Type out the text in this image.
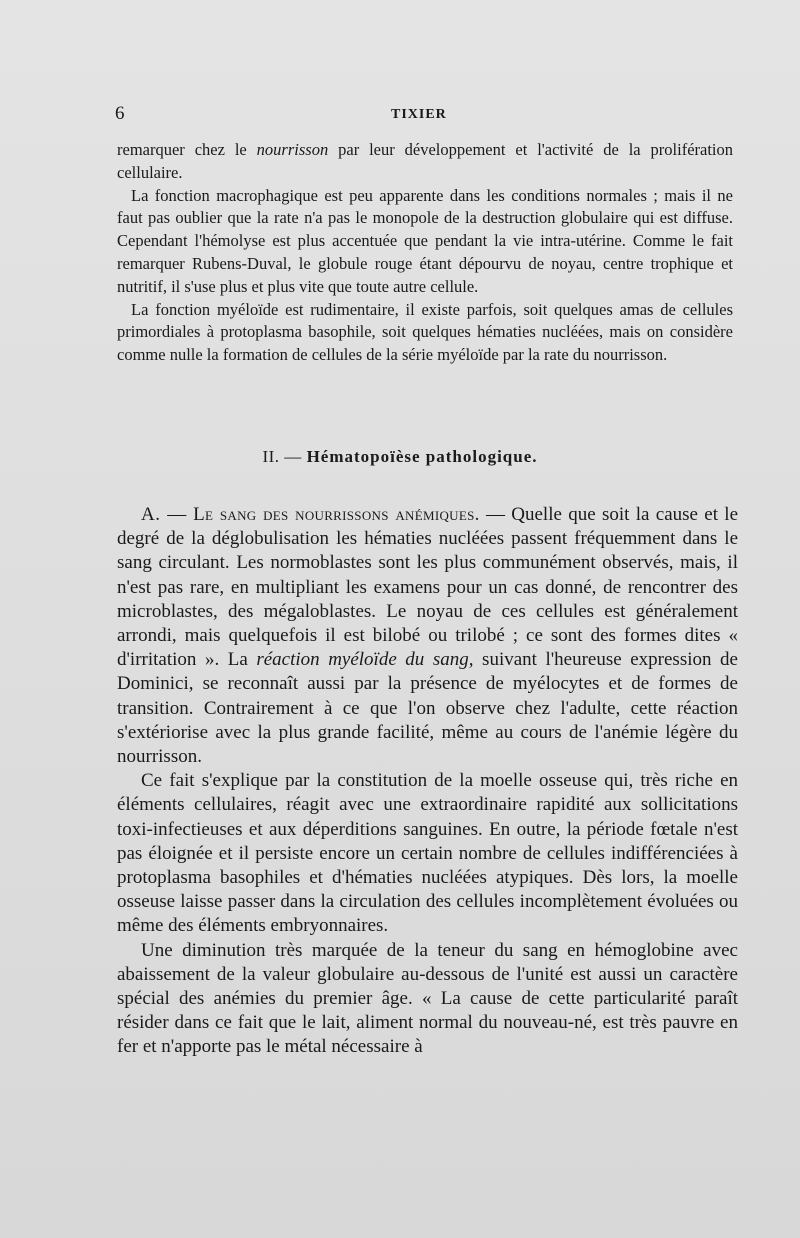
6	TIXIER

remarquer chez le nourrisson par leur développement et l'activité de la prolifération cellulaire.

La fonction macrophagique est peu apparente dans les conditions normales ; mais il ne faut pas oublier que la rate n'a pas le monopole de la destruction globulaire qui est diffuse. Cependant l'hémolyse est plus accentuée que pendant la vie intra-utérine. Comme le fait remarquer Rubens-Duval, le globule rouge étant dépourvu de noyau, centre trophique et nutritif, il s'use plus et plus vite que toute autre cellule.

La fonction myéloïde est rudimentaire, il existe parfois, soit quelques amas de cellules primordiales à protoplasma basophile, soit quelques hématies nucléées, mais on considère comme nulle la formation de cellules de la série myéloïde par la rate du nourrisson.

II. — Hématopoïèse pathologique.

A. — Le sang des nourrissons anémiques. — Quelle que soit la cause et le degré de la déglobulisation les hématies nucléées passent fréquemment dans le sang circulant. Les normoblastes sont les plus communément observés, mais, il n'est pas rare, en multipliant les examens pour un cas donné, de rencontrer des microblastes, des mégaloblastes. Le noyau de ces cellules est généralement arrondi, mais quelquefois il est bilobé ou trilobé ; ce sont des formes dites « d'irritation ». La réaction myéloïde du sang, suivant l'heureuse expression de Dominici, se reconnaît aussi par la présence de myélocytes et de formes de transition. Contrairement à ce que l'on observe chez l'adulte, cette réaction s'extériorise avec la plus grande facilité, même au cours de l'anémie légère du nourrisson.

Ce fait s'explique par la constitution de la moelle osseuse qui, très riche en éléments cellulaires, réagit avec une extraordinaire rapidité aux sollicitations toxi-infectieuses et aux déperditions sanguines. En outre, la période fœtale n'est pas éloignée et il persiste encore un certain nombre de cellules indifférenciées à protoplasma basophiles et d'hématies nucléées atypiques. Dès lors, la moelle osseuse laisse passer dans la circulation des cellules incomplètement évoluées ou même des éléments embryonnaires.

Une diminution très marquée de la teneur du sang en hémoglobine avec abaissement de la valeur globulaire au-dessous de l'unité est aussi un caractère spécial des anémies du premier âge. « La cause de cette particularité paraît résider dans ce fait que le lait, aliment normal du nouveau-né, est très pauvre en fer et n'apporte pas le métal nécessaire à
